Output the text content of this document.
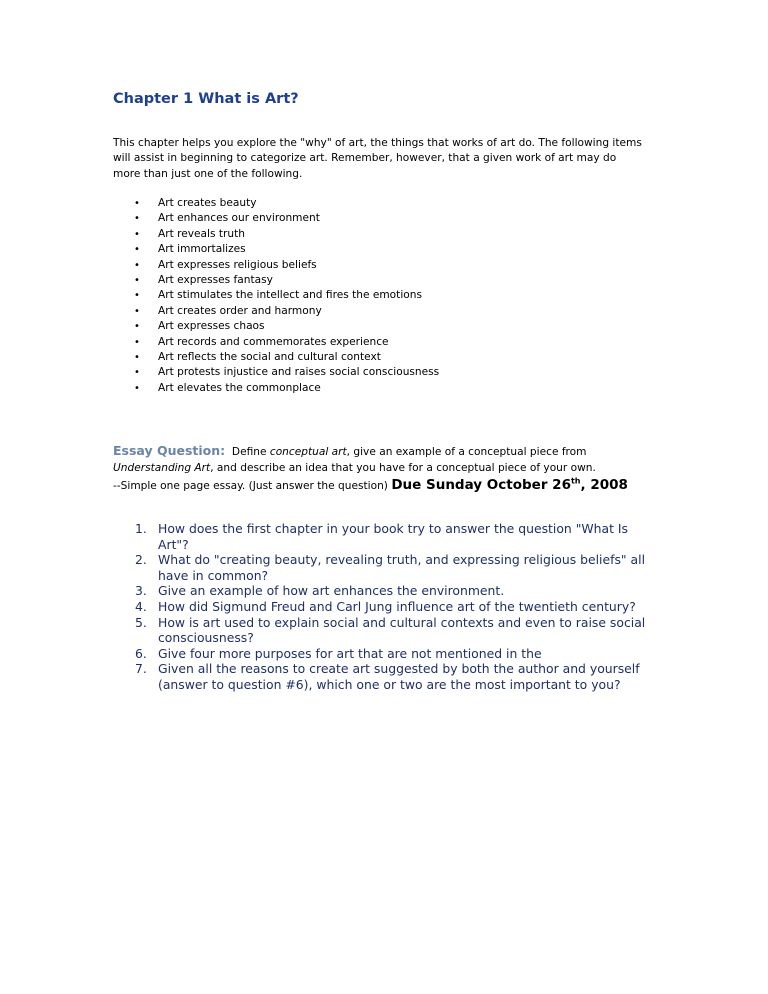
Chapter 1 What is Art?

This chapter helps you explore the "why" of art, the things that works of art do. The following items
will assist in beginning to categorize art. Remember, however, that a given work of art may do
more than just one of the following.

• Art creates beauty
• Art enhances our environment
• Art reveals truth
• Art immortalizes
• Art expresses religious beliefs
• Art expresses fantasy
• Art stimulates the intellect and fires the emotions
• Art creates order and harmony
• Art expresses chaos
• Art records and commemorates experience
• Art reflects the social and cultural context
• Art protests injustice and raises social consciousness
• Art elevates the commonplace
Essay Question: Define conceptual art, give an example of a conceptual piece from
Understanding Art, and describe an idea that you have for a conceptual piece of your own.
--Simple one page essay. (Just answer the question) Due Sunday October 26th, 2008
1. How does the first chapter in your book try to answer the question "What Is
Art"?
2. What do "creating beauty, revealing truth, and expressing religious beliefs" all
have in common?
3. Give an example of how art enhances the environment.
4. How did Sigmund Freud and Carl Jung influence art of the twentieth century?
5. How is art used to explain social and cultural contexts and even to raise social
consciousness?
6. Give four more purposes for art that are not mentioned in the
7. Given all the reasons to create art suggested by both the author and yourself
(answer to question #6), which one or two are the most important to you?
